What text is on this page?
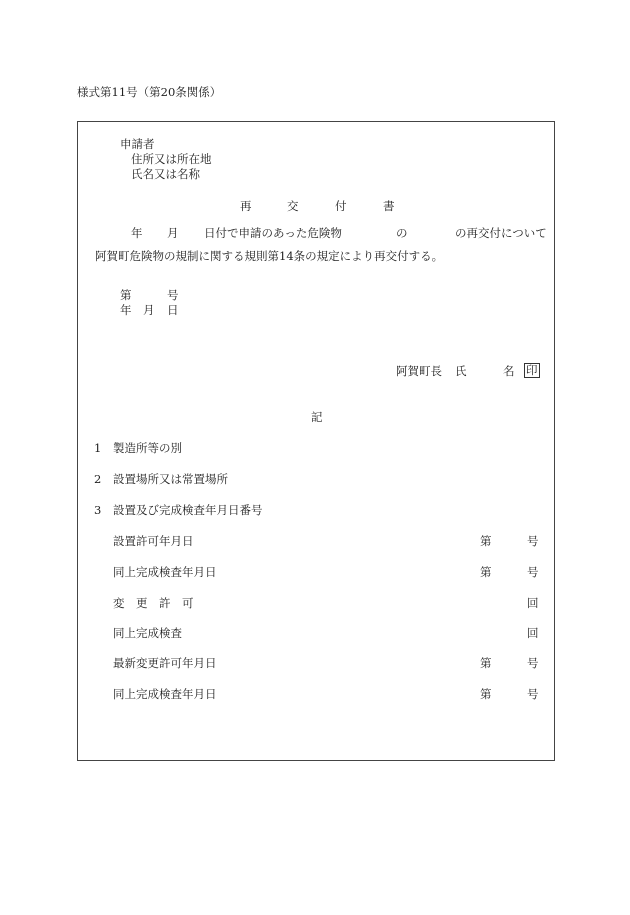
様式第11号（第20条関係）
申請者
住所又は所在地
氏名又は名称
再	交	付	書
年 月 日付で申請のあった危険物	の	の再交付について
阿賀町危険物の規制に関する規則第14条の規定により再交付する。
第	号
年 月 日
阿賀町長 氏	名 印
記
1 製造所等の別
2 設置場所又は常置場所
3 設置及び完成検査年月日番号
設置許可年月日	第	号
同上完成検査年月日	第	号
変　更　許　可	回
同上完成検査	回
最新変更許可年月日	第	号
同上完成検査年月日	第	号
